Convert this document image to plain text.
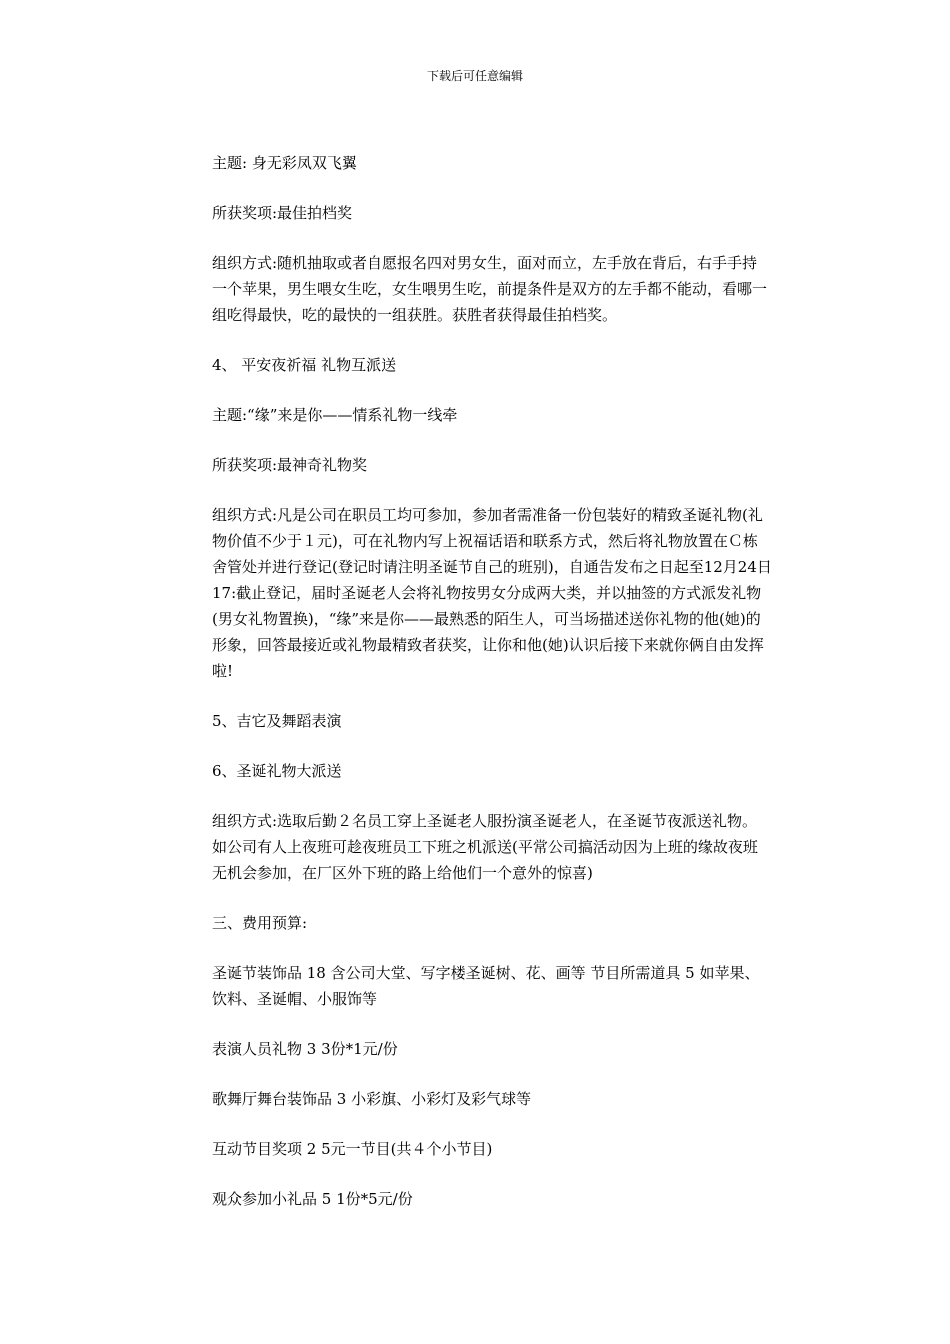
下载后可任意编辑

主题: 身无彩凤双飞翼

所获奖项:最佳拍档奖

组织方式:随机抽取或者自愿报名四对男女生，面对而立，左手放在背后，右手手持一个苹果，男生喂女生吃，女生喂男生吃，前提条件是双方的左手都不能动，看哪一组吃得最快，吃的最快的一组获胜。获胜者获得最佳拍档奖。

4、 平安夜祈福 礼物互派送

主题:“缘”来是你——情系礼物一线牵

所获奖项:最神奇礼物奖

组织方式:凡是公司在职员工均可参加，参加者需准备一份包装好的精致圣诞礼物(礼物价值不少于１元)，可在礼物内写上祝福话语和联系方式，然后将礼物放置在Ｃ栋舍管处并进行登记(登记时请注明圣诞节自己的班别)，自通告发布之日起至12月24日17:截止登记，届时圣诞老人会将礼物按男女分成两大类，并以抽签的方式派发礼物(男女礼物置换)，“缘”来是你——最熟悉的陌生人，可当场描述送你礼物的他(她)的形象，回答最接近或礼物最精致者获奖，让你和他(她)认识后接下来就你俩自由发挥啦!

5、吉它及舞蹈表演

6、圣诞礼物大派送

组织方式:选取后勤２名员工穿上圣诞老人服扮演圣诞老人，在圣诞节夜派送礼物。如公司有人上夜班可趁夜班员工下班之机派送(平常公司搞活动因为上班的缘故夜班无机会参加，在厂区外下班的路上给他们一个意外的惊喜)

三、费用预算:

圣诞节装饰品 18 含公司大堂、写字楼圣诞树、花、画等 节目所需道具 5 如苹果、饮料、圣诞帽、小服饰等

表演人员礼物 3 3份*1元/份

歌舞厅舞台装饰品 3 小彩旗、小彩灯及彩气球等

互动节目奖项 2 5元一节目(共４个小节目)

观众参加小礼品 5 1份*5元/份
